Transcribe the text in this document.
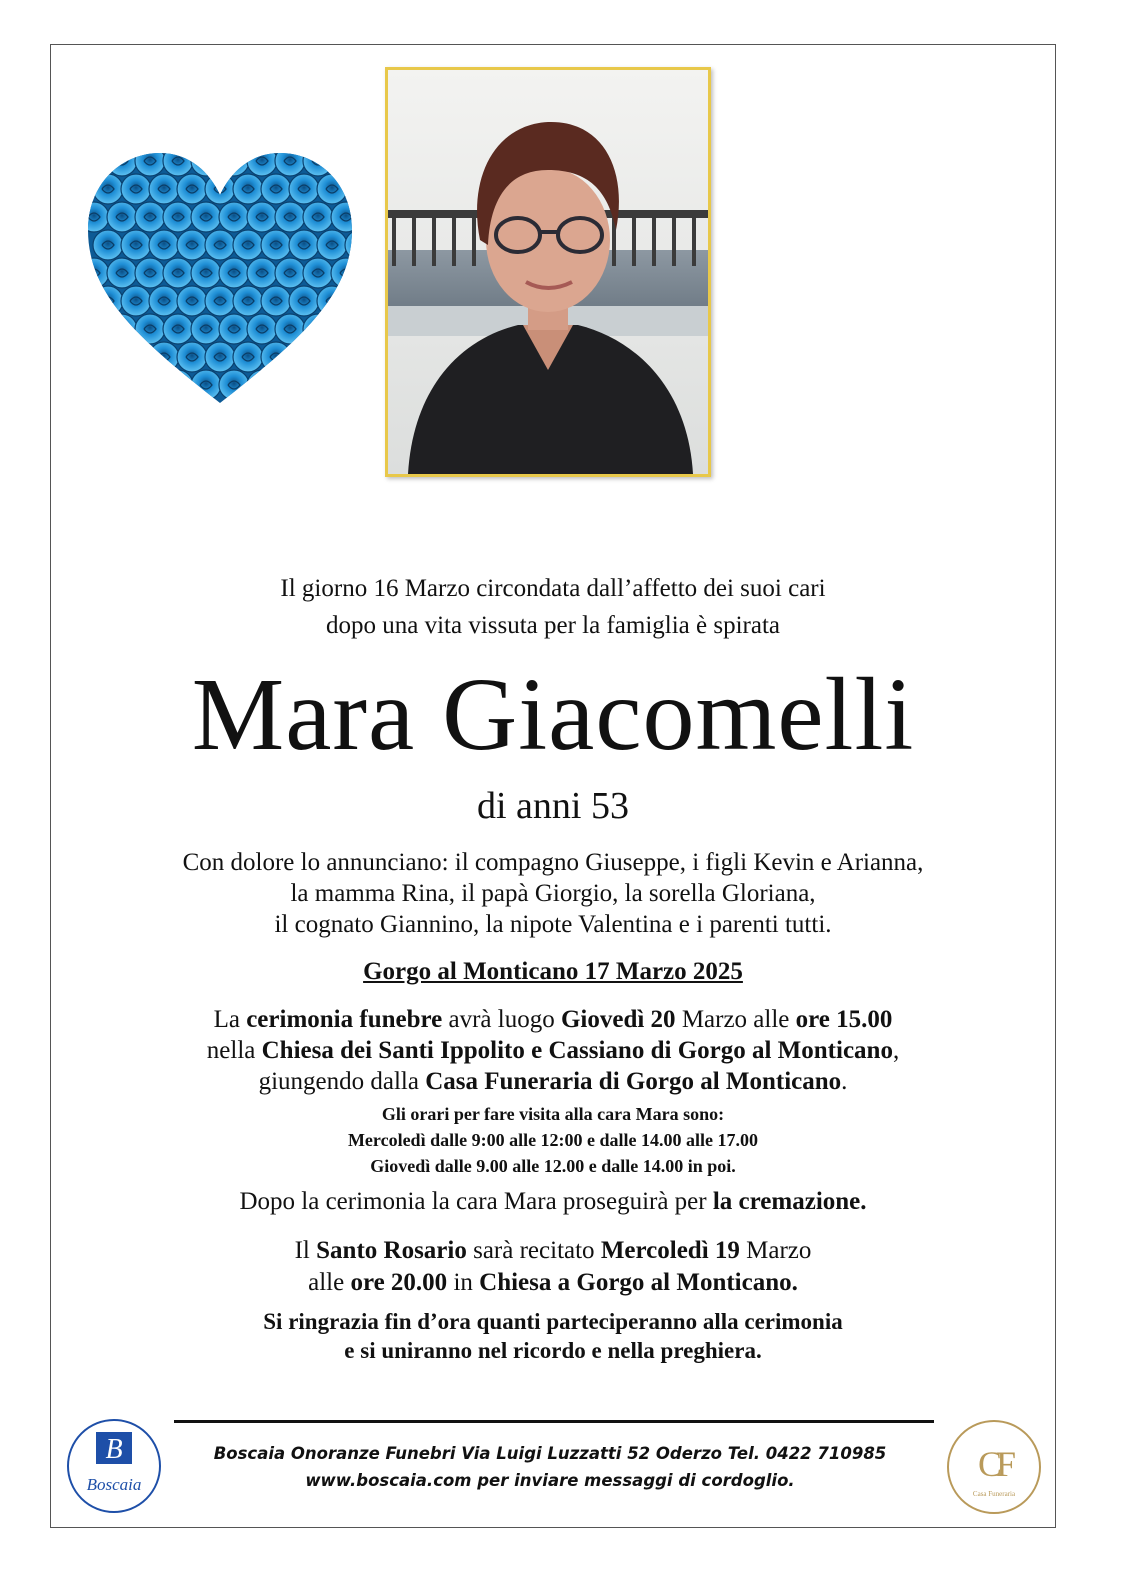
Il giorno 16 Marzo circondata dall’affetto dei suoi cari
dopo una vita vissuta per la famiglia è spirata
Mara Giacomelli
di anni 53
Con dolore lo annunciano: il compagno Giuseppe, i figli Kevin e Arianna,
la mamma Rina, il papà Giorgio, la sorella Gloriana,
il cognato Giannino, la nipote Valentina e i parenti tutti.
Gorgo al Monticano 17 Marzo 2025
La cerimonia funebre avrà luogo Giovedì 20 Marzo alle ore 15.00
nella Chiesa dei Santi Ippolito e Cassiano di Gorgo al Monticano,
giungendo dalla Casa Funeraria di Gorgo al Monticano.
Gli orari per fare visita alla cara Mara sono:
Mercoledì dalle 9:00 alle 12:00 e dalle 14.00 alle 17.00
Giovedì dalle 9.00 alle 12.00 e dalle 14.00 in poi.
Dopo la cerimonia la cara Mara proseguirà per la cremazione.
Il Santo Rosario sarà recitato Mercoledì 19 Marzo
alle ore 20.00 in Chiesa a Gorgo al Monticano.
Si ringrazia fin d’ora quanti parteciperanno alla cerimonia
e si uniranno nel ricordo e nella preghiera.
B
Boscaia
Boscaia Onoranze Funebri Via Luigi Luzzatti 52 Oderzo Tel. 0422 710985
www.boscaia.com per inviare messaggi di cordoglio.	CF
Casa Funeraria
